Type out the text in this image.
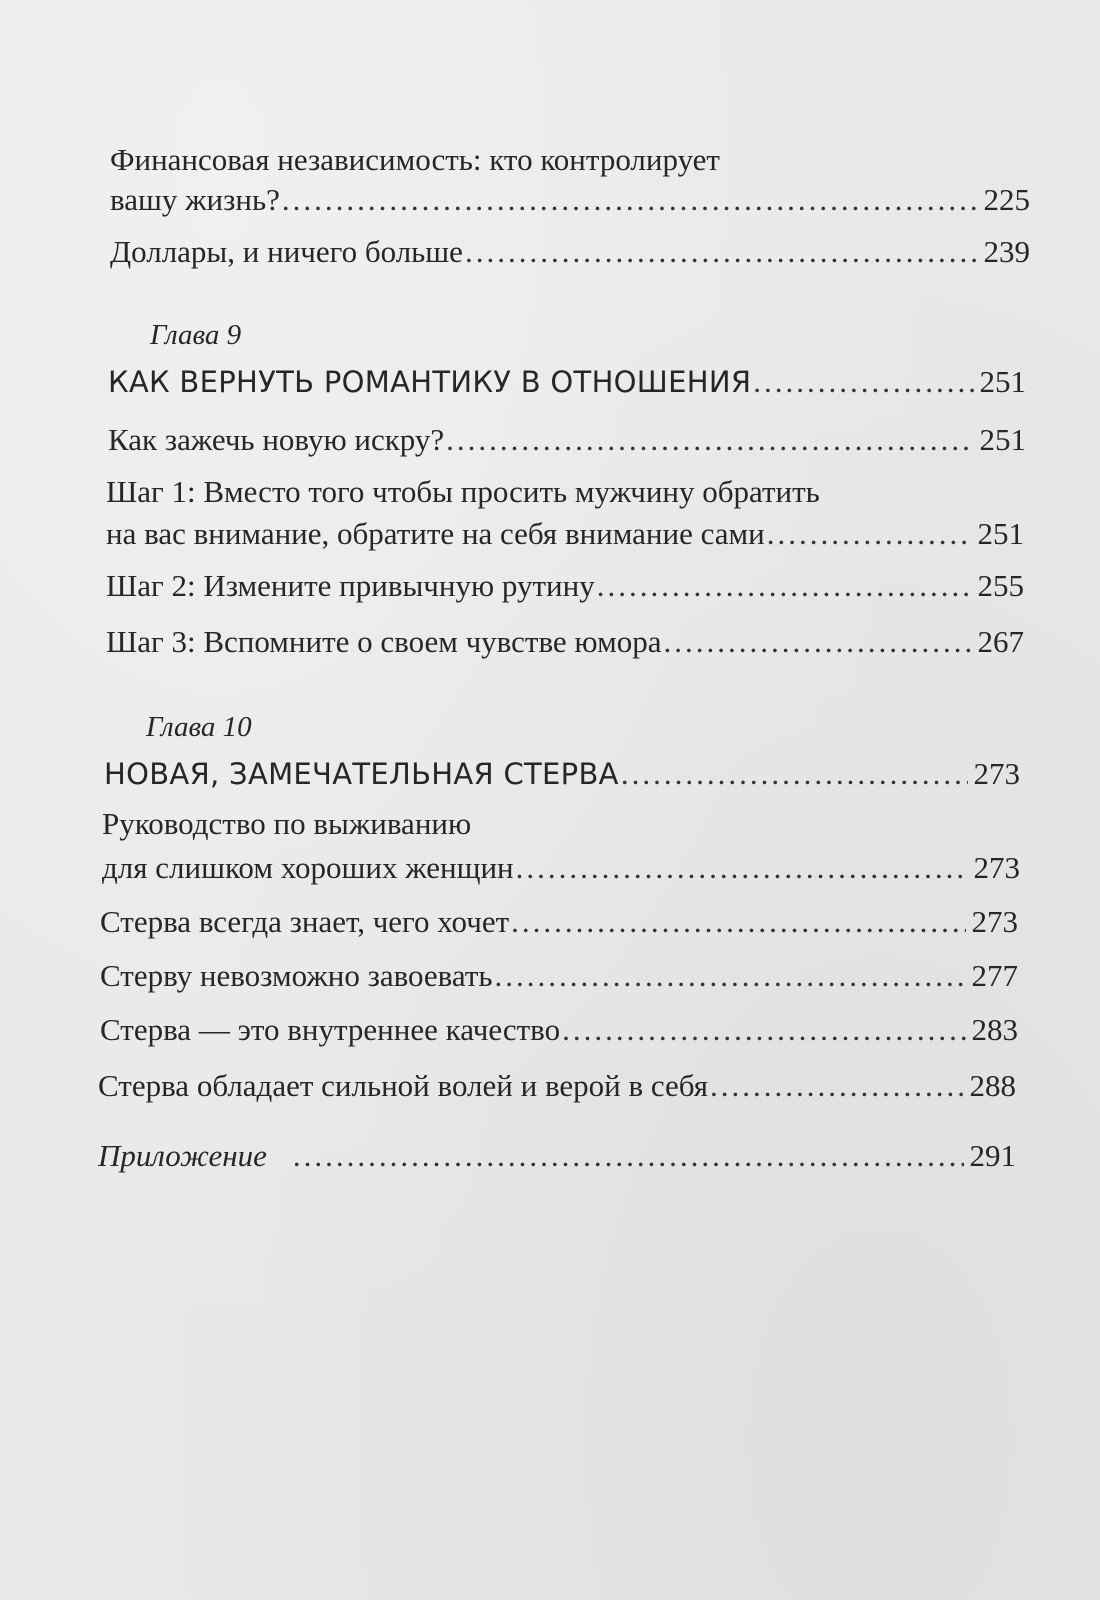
Финансовая независимость: кто контролирует
вашу жизнь? .....	225
Доллары, и ничего больше .....	239
Глава 9
КАК ВЕРНУТЬ РОМАНТИКУ В ОТНОШЕНИЯ .....	251
Как зажечь новую искру? .....	251
Шаг 1: Вместо того чтобы просить мужчину обратить
на вас внимание, обратите на себя внимание сами .....	251
Шаг 2: Измените привычную рутину .....	255
Шаг 3: Вспомните о своем чувстве юмора .....	267
Глава 10
НОВАЯ, ЗАМЕЧАТЕЛЬНАЯ СТЕРВА .....	273
Руководство по выживанию
для слишком хороших женщин .....	273
Стерва всегда знает, чего хочет .....	273
Стерву невозможно завоевать .....	277
Стерва — это внутреннее качество .....	283
Стерва обладает сильной волей и верой в себя .....	288
Приложение .....	291
